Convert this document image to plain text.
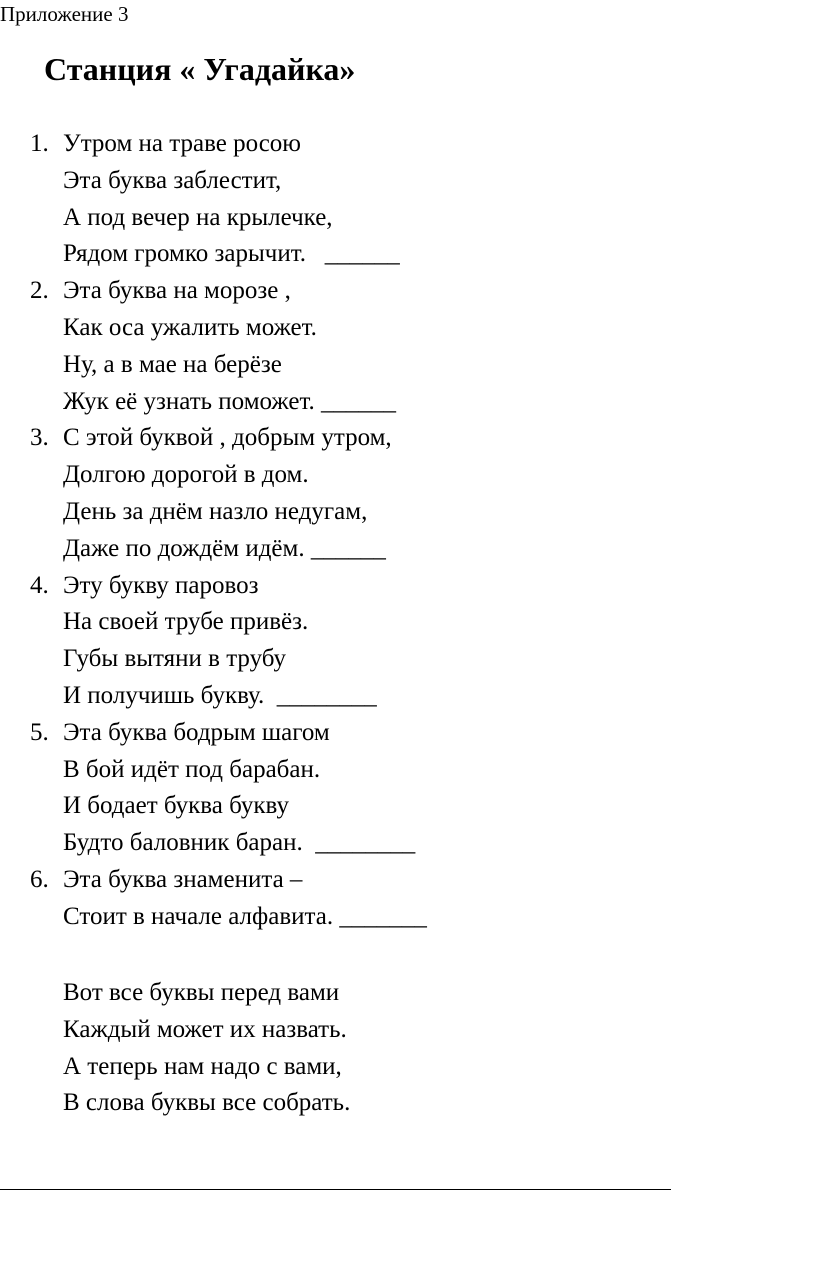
Приложение 3
Станция « Угадайка»
1. Утром на траве росою
Эта буква заблестит,
А под вечер на крылечке,
Рядом громко зарычит.   ______
2. Эта буква на морозе ,
Как оса ужалить может.
Ну, а в мае на берёзе
Жук её узнать поможет. ______
3. С этой буквой , добрым утром,
Долгою дорогой в дом.
День за днём назло недугам,
Даже по дождём идём. ______
4. Эту букву паровоз
На своей трубе привёз.
Губы вытяни в трубу
И получишь букву.  ________
5. Эта буква бодрым шагом
В бой идёт под барабан.
И бодает буква букву
Будто баловник баран.  ________
6. Эта буква знаменита –
Стоит в начале алфавита. _______
Вот все буквы перед вами
Каждый может их назвать.
А теперь нам надо с вами,
В слова буквы все собрать.
